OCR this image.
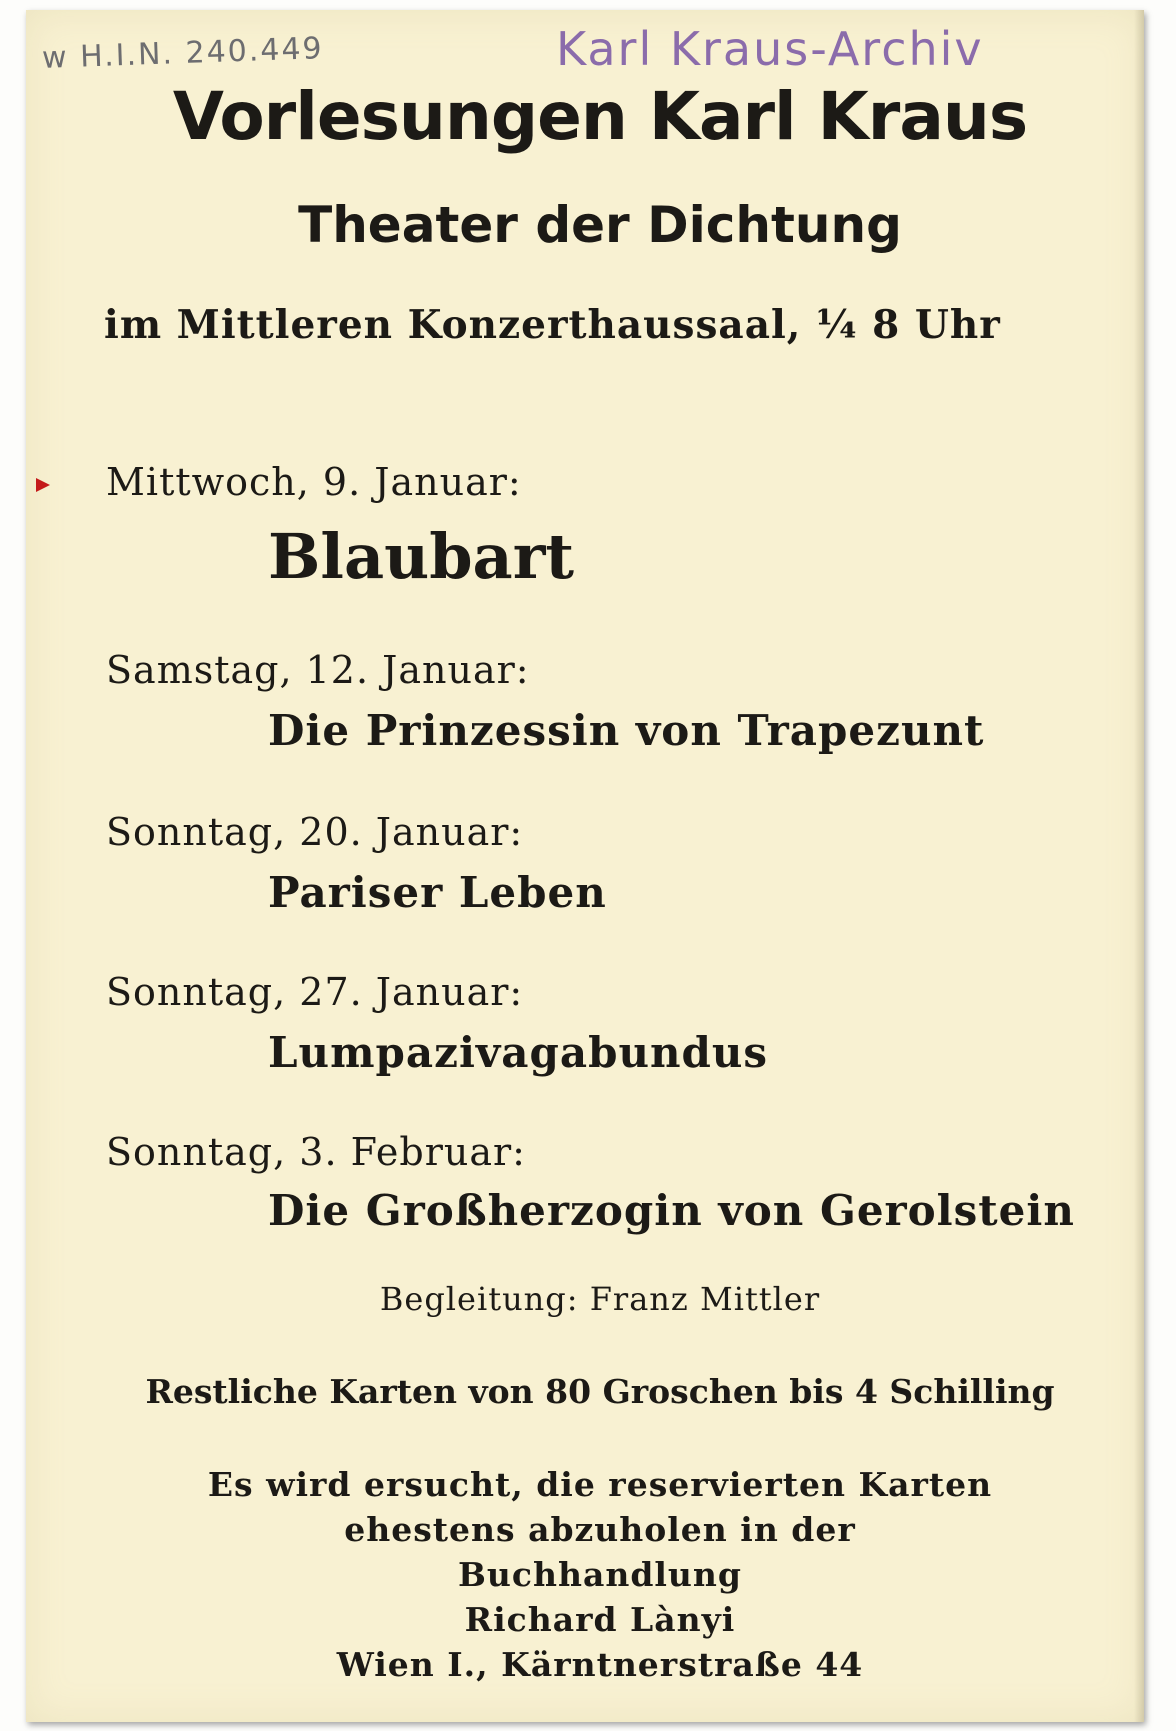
w H.I.N. 240.449	Karl Kraus-Archiv
Vorlesungen Karl Kraus
Theater der Dichtung
im Mittleren Konzerthaussaal, ¼ 8 Uhr
Mittwoch, 9. Januar:
Blaubart
Samstag, 12. Januar:
Die Prinzessin von Trapezunt
Sonntag, 20. Januar:
Pariser Leben
Sonntag, 27. Januar:
Lumpazivagabundus
Sonntag, 3. Februar:
Die Großherzogin von Gerolstein
Begleitung: Franz Mittler
Restliche Karten von 80 Groschen bis 4 Schilling
Es wird ersucht, die reservierten Karten
ehestens abzuholen in der
Buchhandlung
Richard Lànyi
Wien I., Kärntnerstraße 44
